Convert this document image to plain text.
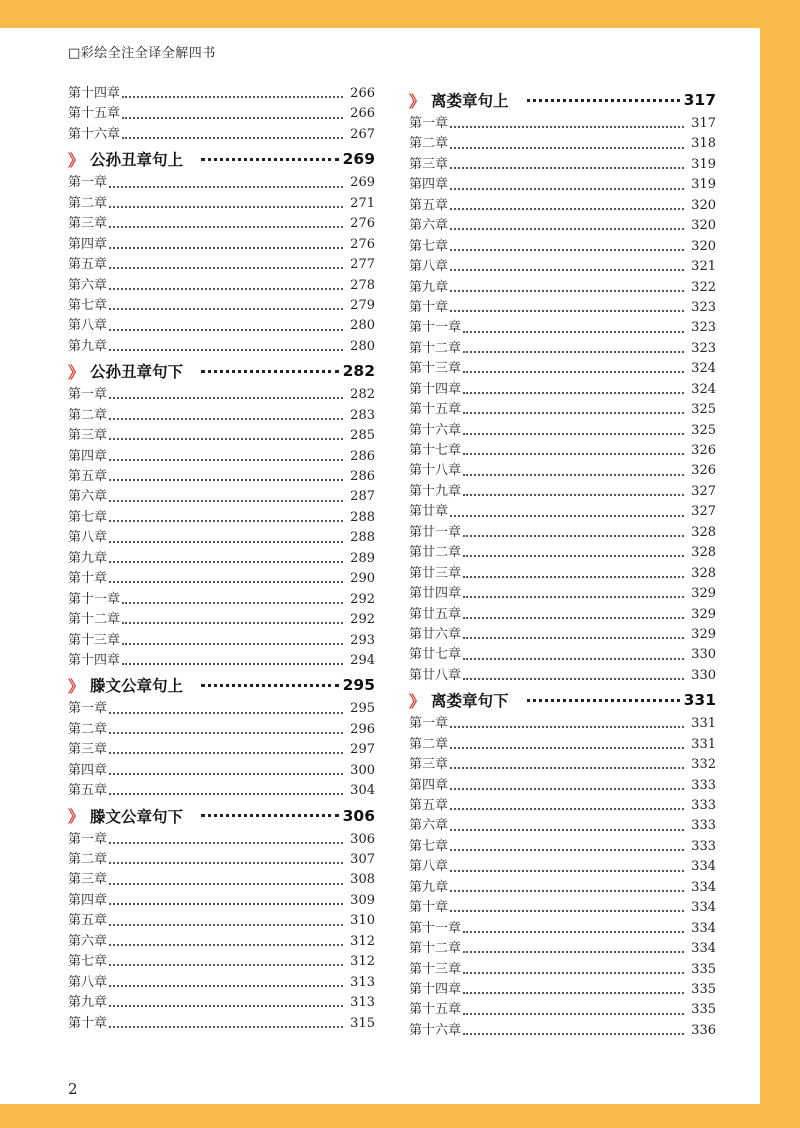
□彩绘全注全译全解四书
第十四章	266
第十五章	266
第十六章	267
》 公孙丑章句上	269
第一章	269
第二章	271
第三章	276
第四章	276
第五章	277
第六章	278
第七章	279
第八章	280
第九章	280
》 公孙丑章句下	282
第一章	282
第二章	283
第三章	285
第四章	286
第五章	286
第六章	287
第七章	288
第八章	288
第九章	289
第十章	290
第十一章	292
第十二章	292
第十三章	293
第十四章	294
》 滕文公章句上	295
第一章	295
第二章	296
第三章	297
第四章	300
第五章	304
》 滕文公章句下	306
第一章	306
第二章	307
第三章	308
第四章	309
第五章	310
第六章	312
第七章	312
第八章	313
第九章	313
第十章	315
》 离娄章句上	317
第一章	317
第二章	318
第三章	319
第四章	319
第五章	320
第六章	320
第七章	320
第八章	321
第九章	322
第十章	323
第十一章	323
第十二章	323
第十三章	324
第十四章	324
第十五章	325
第十六章	325
第十七章	326
第十八章	326
第十九章	327
第廿章	327
第廿一章	328
第廿二章	328
第廿三章	328
第廿四章	329
第廿五章	329
第廿六章	329
第廿七章	330
第廿八章	330
》 离娄章句下	331
第一章	331
第二章	331
第三章	332
第四章	333
第五章	333
第六章	333
第七章	333
第八章	334
第九章	334
第十章	334
第十一章	334
第十二章	334
第十三章	335
第十四章	335
第十五章	335
第十六章	336
2
